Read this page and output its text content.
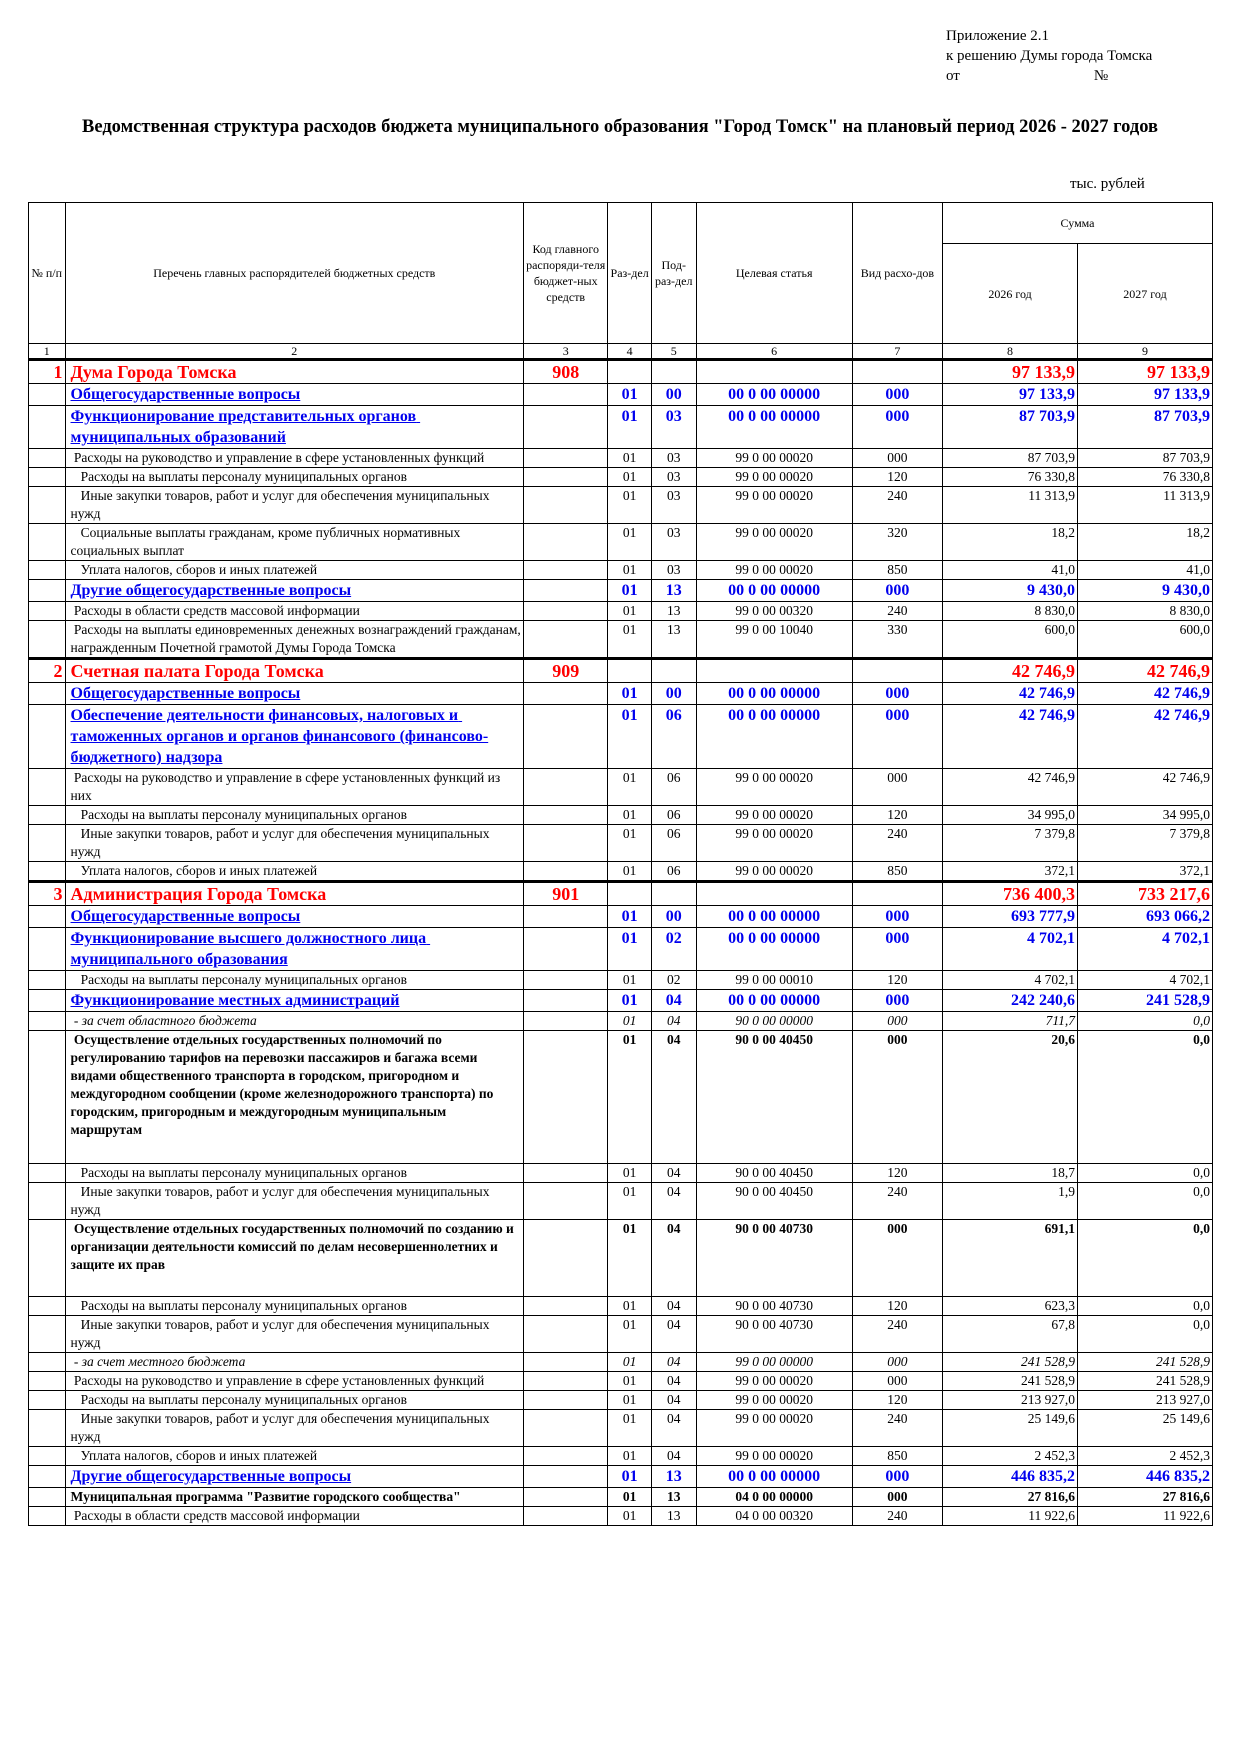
Приложение 2.1
к решению Думы города Томска
от	№
Ведомственная структура расходов бюджета муниципального образования "Город Томск" на плановый период 2026 - 2027 годов
тыс. рублей
№ п/п	Перечень главных распорядителей бюджетных средств	Код главного распоряди-теля бюджет-ных средств	Раз-дел	Под-раз-дел	Целевая статья	Вид расхо-дов	Сумма	
							2026 год	2027 год
1	2	3	4	5	6	7	8	9
1	Дума Города Томска	908					97 133,9	97 133,9
	Общегосударственные вопросы		01	00	00 0 00 00000	000	97 133,9	97 133,9
	Функционирование представительных органов муниципальных образований		01	03	00 0 00 00000	000	87 703,9	87 703,9
	Расходы на руководство и управление в сфере установленных функций		01	03	99 0 00 00020	000	87 703,9	87 703,9
	Расходы на выплаты персоналу муниципальных органов		01	03	99 0 00 00020	120	76 330,8	76 330,8
	Иные закупки товаров, работ и услуг для обеспечения муниципальных нужд		01	03	99 0 00 00020	240	11 313,9	11 313,9
	Социальные выплаты гражданам, кроме публичных нормативных социальных выплат		01	03	99 0 00 00020	320	18,2	18,2
	Уплата налогов, сборов и иных платежей		01	03	99 0 00 00020	850	41,0	41,0
	Другие общегосударственные вопросы		01	13	00 0 00 00000	000	9 430,0	9 430,0
	Расходы в области средств массовой информации		01	13	99 0 00 00320	240	8 830,0	8 830,0
	Расходы на выплаты единовременных денежных вознаграждений гражданам, награжденным Почетной грамотой Думы Города Томска		01	13	99 0 00 10040	330	600,0	600,0
2	Счетная палата Города Томска	909					42 746,9	42 746,9
	Общегосударственные вопросы		01	00	00 0 00 00000	000	42 746,9	42 746,9
	Обеспечение деятельности финансовых, налоговых и таможенных органов и органов финансового (финансово-бюджетного) надзора		01	06	00 0 00 00000	000	42 746,9	42 746,9
	Расходы на руководство и управление в сфере установленных функций из них		01	06	99 0 00 00020	000	42 746,9	42 746,9
	Расходы на выплаты персоналу муниципальных органов		01	06	99 0 00 00020	120	34 995,0	34 995,0
	Иные закупки товаров, работ и услуг для обеспечения муниципальных нужд		01	06	99 0 00 00020	240	7 379,8	7 379,8
	Уплата налогов, сборов и иных платежей		01	06	99 0 00 00020	850	372,1	372,1
3	Администрация Города Томска	901					736 400,3	733 217,6
	Общегосударственные вопросы		01	00	00 0 00 00000	000	693 777,9	693 066,2
	Функционирование высшего должностного лица муниципального образования		01	02	00 0 00 00000	000	4 702,1	4 702,1
	Расходы на выплаты персоналу муниципальных органов		01	02	99 0 00 00010	120	4 702,1	4 702,1
	Функционирование местных администраций		01	04	00 0 00 00000	000	242 240,6	241 528,9
	- за счет областного бюджета		01	04	90 0 00 00000	000	711,7	0,0
	Осуществление отдельных государственных полномочий по регулированию тарифов на перевозки пассажиров и багажа всеми видами общественного транспорта в городском, пригородном и междугородном сообщении (кроме железнодорожного транспорта) по городским, пригородным и междугородным муниципальным маршрутам		01	04	90 0 00 40450	000	20,6	0,0
	Расходы на выплаты персоналу муниципальных органов		01	04	90 0 00 40450	120	18,7	0,0
	Иные закупки товаров, работ и услуг для обеспечения муниципальных нужд		01	04	90 0 00 40450	240	1,9	0,0
	Осуществление отдельных государственных полномочий по созданию и организации деятельности комиссий по делам несовершеннолетних и защите их прав		01	04	90 0 00 40730	000	691,1	0,0
	Расходы на выплаты персоналу муниципальных органов		01	04	90 0 00 40730	120	623,3	0,0
	Иные закупки товаров, работ и услуг для обеспечения муниципальных нужд		01	04	90 0 00 40730	240	67,8	0,0
	- за счет местного бюджета		01	04	99 0 00 00000	000	241 528,9	241 528,9
	Расходы на руководство и управление в сфере установленных функций		01	04	99 0 00 00020	000	241 528,9	241 528,9
	Расходы на выплаты персоналу муниципальных органов		01	04	99 0 00 00020	120	213 927,0	213 927,0
	Иные закупки товаров, работ и услуг для обеспечения муниципальных нужд		01	04	99 0 00 00020	240	25 149,6	25 149,6
	Уплата налогов, сборов и иных платежей		01	04	99 0 00 00020	850	2 452,3	2 452,3
	Другие общегосударственные вопросы		01	13	00 0 00 00000	000	446 835,2	446 835,2
	Муниципальная программа "Развитие городского сообщества"		01	13	04 0 00 00000	000	27 816,6	27 816,6
	Расходы в области средств массовой информации		01	13	04 0 00 00320	240	11 922,6	11 922,6
